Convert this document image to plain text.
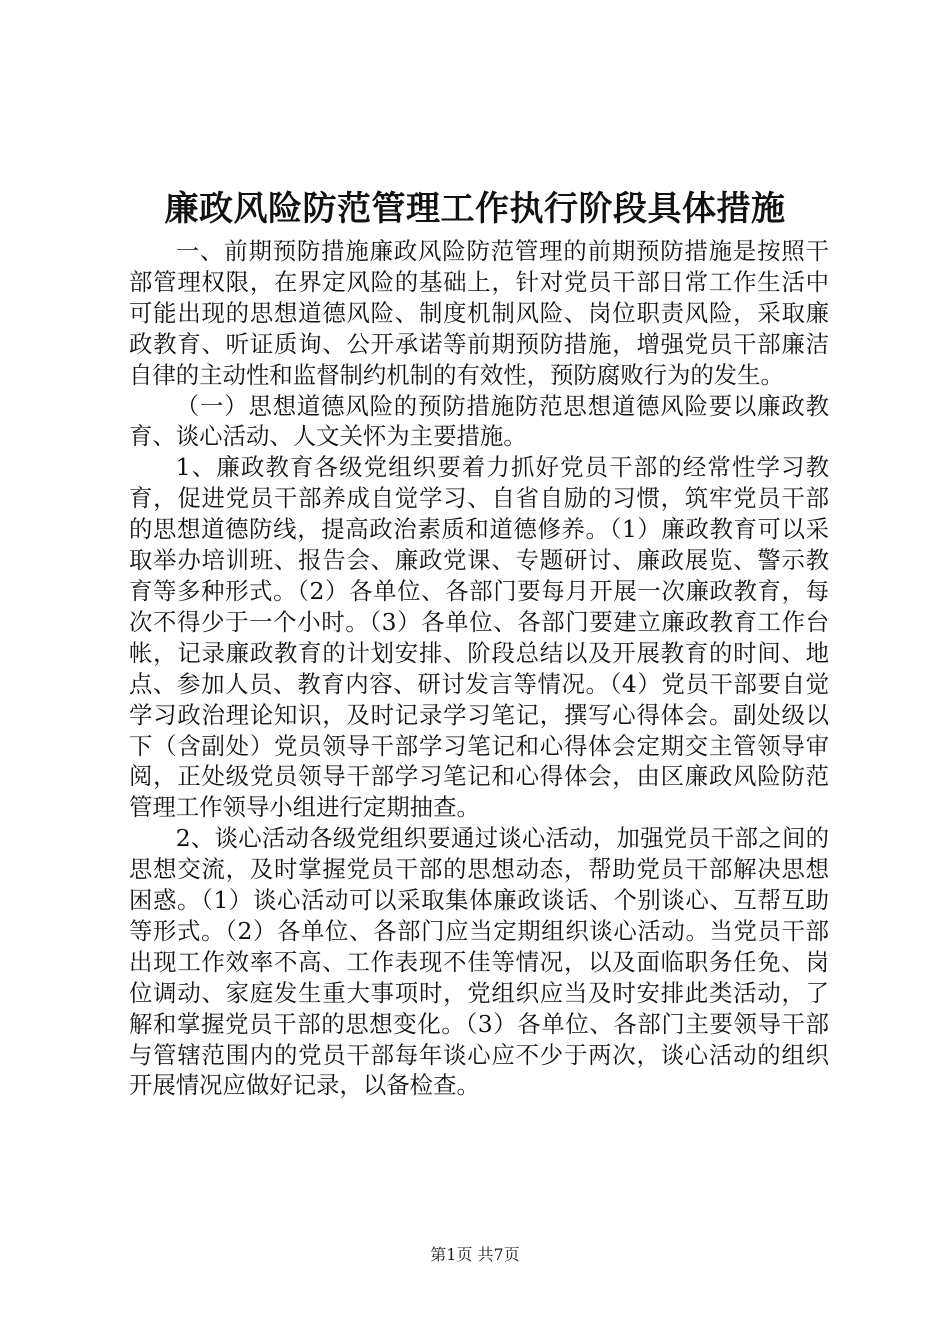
廉政风险防范管理工作执行阶段具体措施

一、前期预防措施廉政风险防范管理的前期预防措施是按照干部管理权限，在界定风险的基础上，针对党员干部日常工作生活中可能出现的思想道德风险、制度机制风险、岗位职责风险，采取廉政教育、听证质询、公开承诺等前期预防措施，增强党员干部廉洁自律的主动性和监督制约机制的有效性，预防腐败行为的发生。

（一）思想道德风险的预防措施防范思想道德风险要以廉政教育、谈心活动、人文关怀为主要措施。

1、廉政教育各级党组织要着力抓好党员干部的经常性学习教育，促进党员干部养成自觉学习、自省自励的习惯，筑牢党员干部的思想道德防线，提高政治素质和道德修养。（1）廉政教育可以采取举办培训班、报告会、廉政党课、专题研讨、廉政展览、警示教育等多种形式。（2）各单位、各部门要每月开展一次廉政教育，每次不得少于一个小时。（3）各单位、各部门要建立廉政教育工作台帐，记录廉政教育的计划安排、阶段总结以及开展教育的时间、地点、参加人员、教育内容、研讨发言等情况。（4）党员干部要自觉学习政治理论知识，及时记录学习笔记，撰写心得体会。副处级以下（含副处）党员领导干部学习笔记和心得体会定期交主管领导审阅，正处级党员领导干部学习笔记和心得体会，由区廉政风险防范管理工作领导小组进行定期抽查。

2、谈心活动各级党组织要通过谈心活动，加强党员干部之间的思想交流，及时掌握党员干部的思想动态，帮助党员干部解决思想困惑。（1）谈心活动可以采取集体廉政谈话、个别谈心、互帮互助等形式。（2）各单位、各部门应当定期组织谈心活动。当党员干部出现工作效率不高、工作表现不佳等情况，以及面临职务任免、岗位调动、家庭发生重大事项时，党组织应当及时安排此类活动，了解和掌握党员干部的思想变化。（3）各单位、各部门主要领导干部与管辖范围内的党员干部每年谈心应不少于两次，谈心活动的组织开展情况应做好记录，以备检查。

第1页 共7页
